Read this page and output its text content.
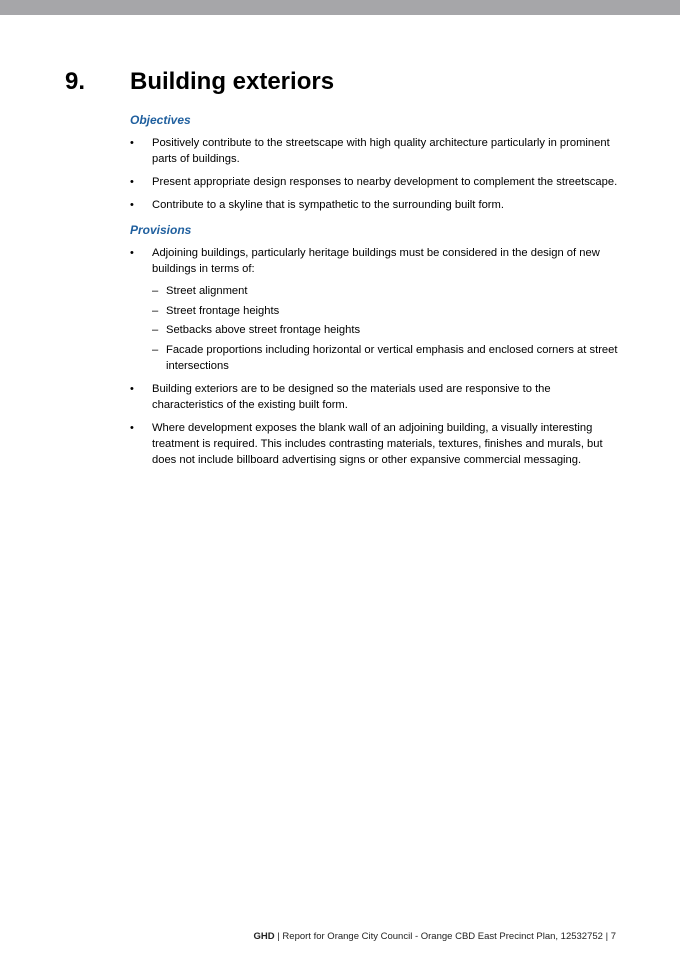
9. Building exteriors
Objectives
• Positively contribute to the streetscape with high quality architecture particularly in prominent parts of buildings.
• Present appropriate design responses to nearby development to complement the streetscape.
• Contribute to a skyline that is sympathetic to the surrounding built form.
Provisions
• Adjoining buildings, particularly heritage buildings must be considered in the design of new buildings in terms of:
– Street alignment
– Street frontage heights
– Setbacks above street frontage heights
– Facade proportions including horizontal or vertical emphasis and enclosed corners at street intersections
• Building exteriors are to be designed so the materials used are responsive to the characteristics of the existing built form.
• Where development exposes the blank wall of an adjoining building, a visually interesting treatment is required. This includes contrasting materials, textures, finishes and murals, but does not include billboard advertising signs or other expansive commercial messaging.
GHD | Report for Orange City Council - Orange CBD East Precinct Plan, 12532752 | 7
